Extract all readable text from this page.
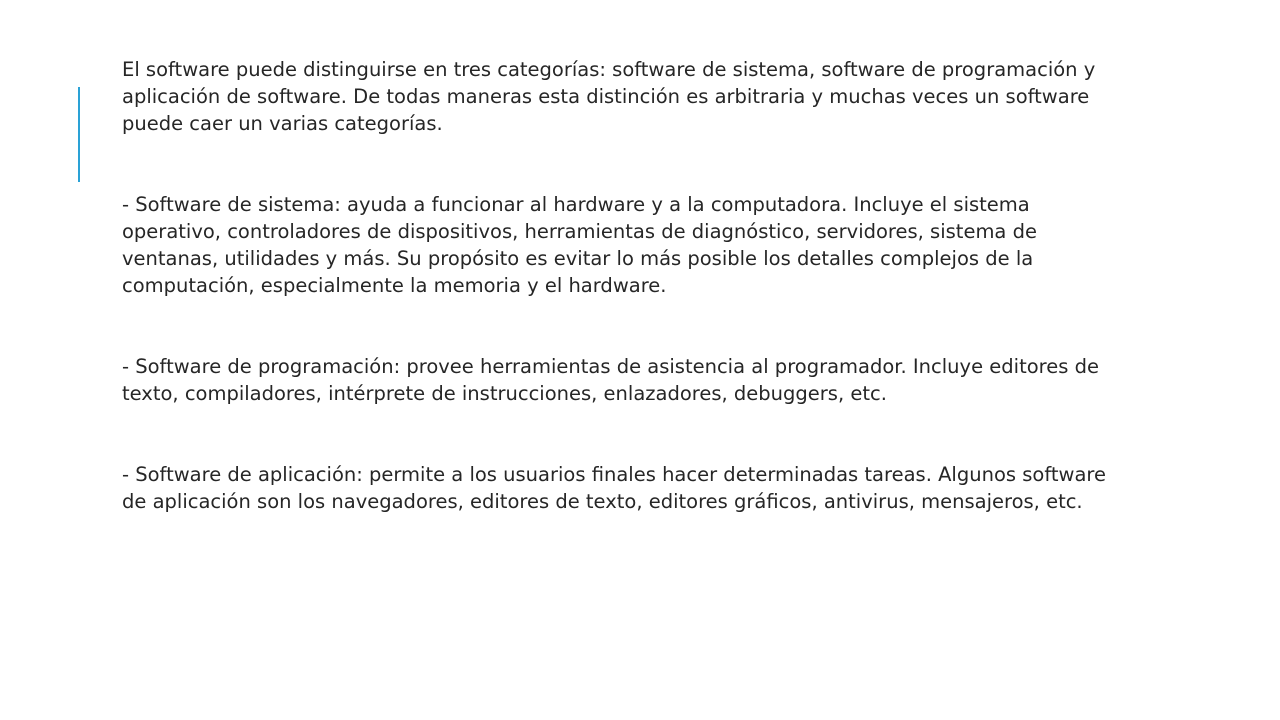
El software puede distinguirse en tres categorías: software de sistema, software de programación y aplicación de software. De todas maneras esta distinción es arbitraria y muchas veces un software puede caer un varias categorías.

- Software de sistema: ayuda a funcionar al hardware y a la computadora. Incluye el sistema operativo, controladores de dispositivos, herramientas de diagnóstico, servidores, sistema de ventanas, utilidades y más. Su propósito es evitar lo más posible los detalles complejos de la computación, especialmente la memoria y el hardware.

- Software de programación: provee herramientas de asistencia al programador. Incluye editores de texto, compiladores, intérprete de instrucciones, enlazadores, debuggers, etc.

- Software de aplicación: permite a los usuarios finales hacer determinadas tareas. Algunos software de aplicación son los navegadores, editores de texto, editores gráficos, antivirus, mensajeros, etc.
